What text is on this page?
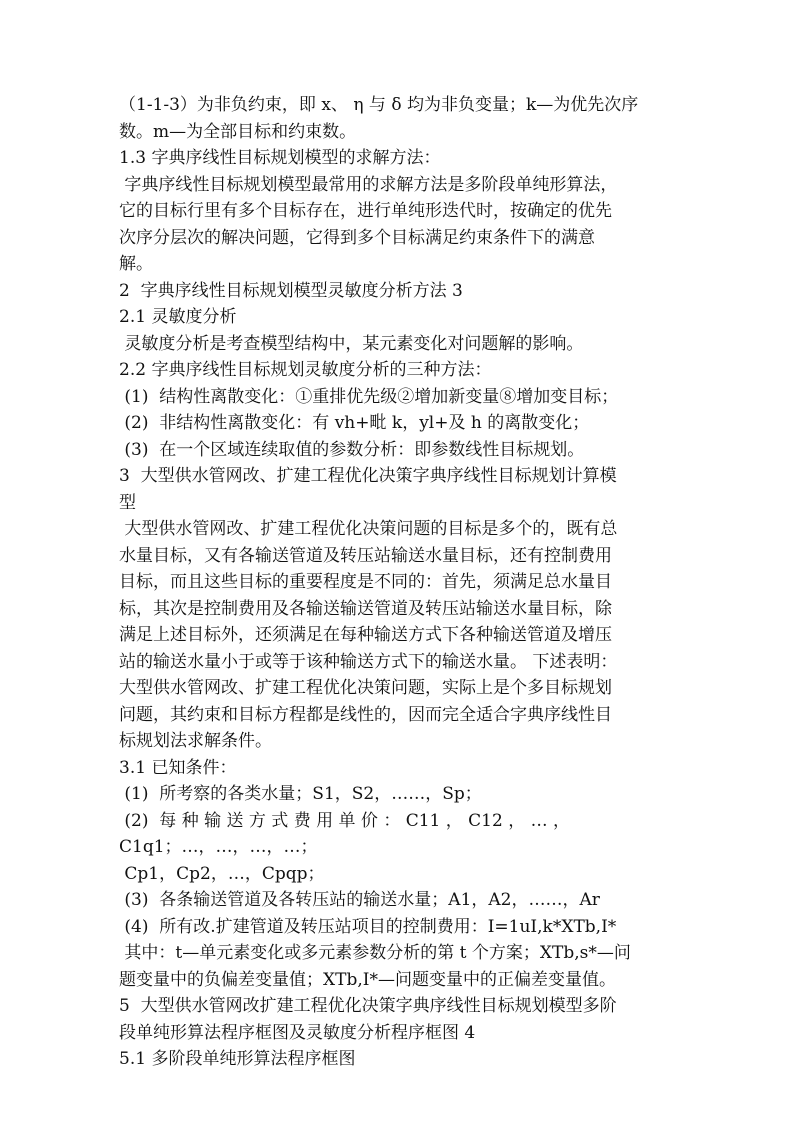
（1-1-3）为非负约束，即 x、 η 与 δ 均为非负变量；k—为优先次序
数。m—为全部目标和约束数。
1.3 字典序线性目标规划模型的求解方法：
字典序线性目标规划模型最常用的求解方法是多阶段单纯形算法，
它的目标行里有多个目标存在，进行单纯形迭代时，按确定的优先
次序分层次的解决问题，它得到多个目标满足约束条件下的满意
解。
2  字典序线性目标规划模型灵敏度分析方法 3
2.1 灵敏度分析
灵敏度分析是考查模型结构中，某元素变化对问题解的影响。
2.2 字典序线性目标规划灵敏度分析的三种方法：
(1)  结构性离散变化：①重排优先级②增加新变量⑧增加变目标；
(2)  非结构性离散变化：有 vh+毗 k，yl+及 h 的离散变化；
(3)  在一个区域连续取值的参数分析：即参数线性目标规划。
3  大型供水管网改、扩建工程优化决策字典序线性目标规划计算模
型
大型供水管网改、扩建工程优化决策问题的目标是多个的，既有总
水量目标，又有各输送管道及转压站输送水量目标，还有控制费用
目标，而且这些目标的重要程度是不同的：首先，须满足总水量目
标，其次是控制费用及各输送输送管道及转压站输送水量目标，除
满足上述目标外，还须满足在每种输送方式下各种输送管道及增压
站的输送水量小于或等于该种输送方式下的输送水量。 下述表明：
大型供水管网改、扩建工程优化决策问题，实际上是个多目标规划
问题，其约束和目标方程都是线性的，因而完全适合字典序线性目
标规划法求解条件。
3.1 已知条件：
(1)  所考察的各类水量；S1，S2，……，Sp；
(2)  每 种 输 送 方 式 费 用 单 价 ： C11 ， C12 ， … ，
C1q1；…，…，…，…；
Cp1，Cp2，…，Cpqp；
(3)  各条输送管道及各转压站的输送水量；A1，A2，……，Ar
(4)  所有改.扩建管道及转压站项目的控制费用：I=1uI,k*XTb,I*
其中：t—单元素变化或多元素参数分析的第 t 个方案；XTb,s*—问
题变量中的负偏差变量值；XTb,I*—问题变量中的正偏差变量值。
5  大型供水管网改扩建工程优化决策字典序线性目标规划模型多阶
段单纯形算法程序框图及灵敏度分析程序框图 4
5.1 多阶段单纯形算法程序框图
